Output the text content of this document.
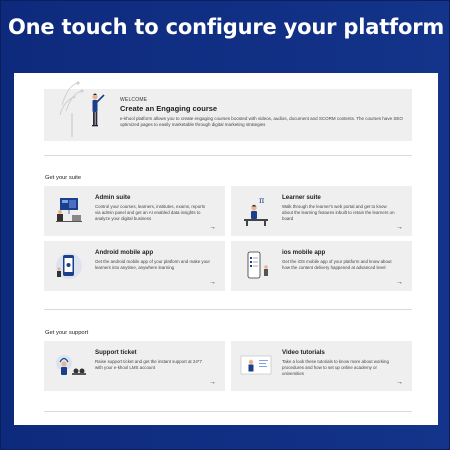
One touch to configure your platform
WELCOME
Create an Engaging course
e-khool platform allows you to create engaging courses boosted with videos, audios, document and SCORM contents. The courses have SEO optimized pages to easily marketable through digital marketing strategies
Get your suite
Admin suite
Control your courses, learners, institutes, exams, reports via admin panel and get an AI enabled data insights to analyze your digital business
→
π	Learner suite
Walk through the learner's web portal and get to know about the learning features inbuilt to retain the learners on board
→
Android mobile app
Get the android mobile app of your platform and make your learners into anytime, anywhere learning
→
ios mobile app
Get the iOS mobile app of your platform and know about how the content delivery happened at advanced level
→
Get your support
Support ticket
Raise support ticket and get the instant support at 24*7 with your e-khool LMS account
→
Video tutorials
Take a look these tutorials to know more about working procedures and how to set up online academy or universities
→
